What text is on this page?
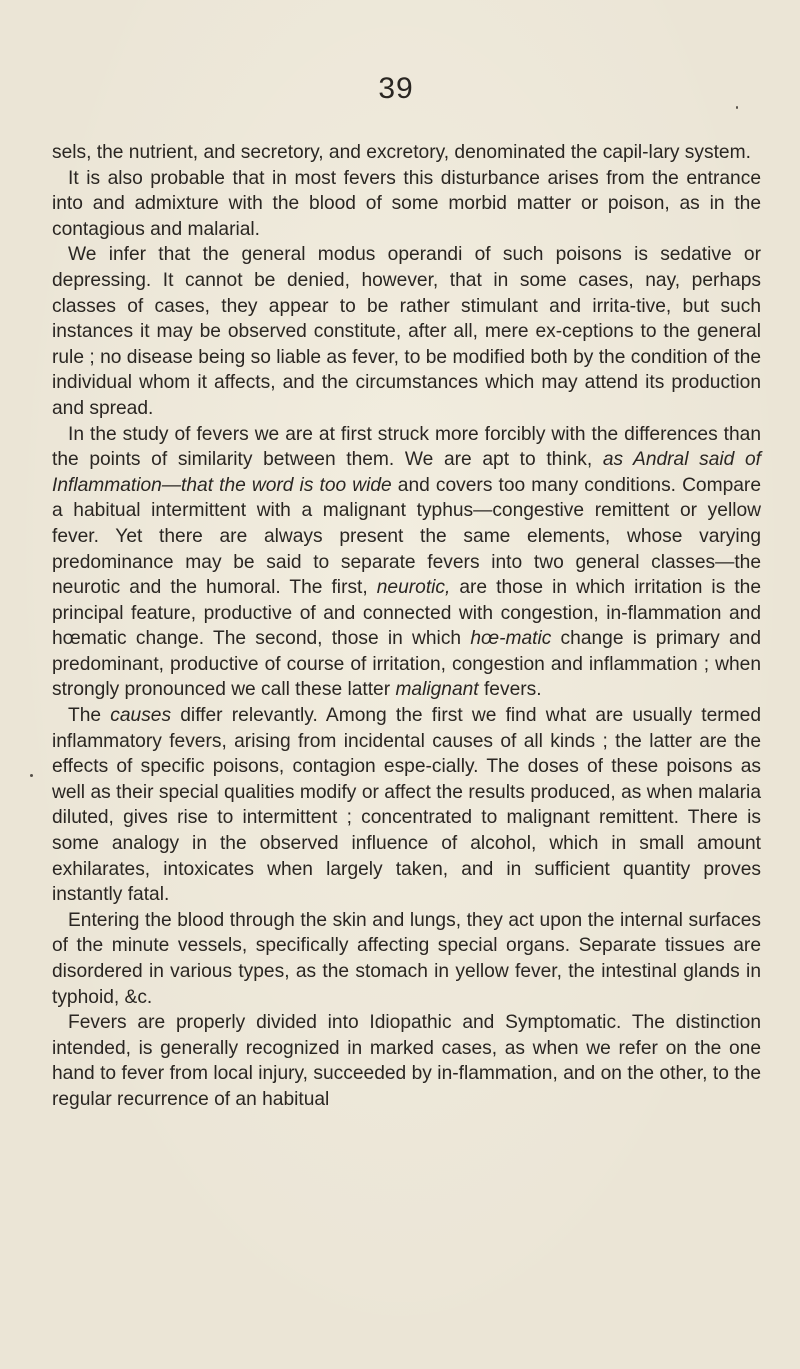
39

sels, the nutrient, and secretory, and excretory, denominated the capil-lary system.

It is also probable that in most fevers this disturbance arises from the entrance into and admixture with the blood of some morbid matter or poison, as in the contagious and malarial.

We infer that the general modus operandi of such poisons is sedative or depressing. It cannot be denied, however, that in some cases, nay, perhaps classes of cases, they appear to be rather stimulant and irrita-tive, but such instances it may be observed constitute, after all, mere ex-ceptions to the general rule ; no disease being so liable as fever, to be modified both by the condition of the individual whom it affects, and the circumstances which may attend its production and spread.

In the study of fevers we are at first struck more forcibly with the differences than the points of similarity between them. We are apt to think, as Andral said of Inflammation—that the word is too wide and covers too many conditions. Compare a habitual intermittent with a malignant typhus—congestive remittent or yellow fever. Yet there are always present the same elements, whose varying predominance may be said to separate fevers into two general classes—the neurotic and the humoral. The first, neurotic, are those in which irritation is the principal feature, productive of and connected with congestion, in-flammation and hœmatic change. The second, those in which hœ-matic change is primary and predominant, productive of course of irritation, congestion and inflammation ; when strongly pronounced we call these latter malignant fevers.

The causes differ relevantly. Among the first we find what are usually termed inflammatory fevers, arising from incidental causes of all kinds ; the latter are the effects of specific poisons, contagion espe-cially. The doses of these poisons as well as their special qualities modify or affect the results produced, as when malaria diluted, gives rise to intermittent ; concentrated to malignant remittent. There is some analogy in the observed influence of alcohol, which in small amount exhilarates, intoxicates when largely taken, and in sufficient quantity proves instantly fatal.

Entering the blood through the skin and lungs, they act upon the internal surfaces of the minute vessels, specifically affecting special organs. Separate tissues are disordered in various types, as the stomach in yellow fever, the intestinal glands in typhoid, &c.

Fevers are properly divided into Idiopathic and Symptomatic. The distinction intended, is generally recognized in marked cases, as when we refer on the one hand to fever from local injury, succeeded by in-flammation, and on the other, to the regular recurrence of an habitual
